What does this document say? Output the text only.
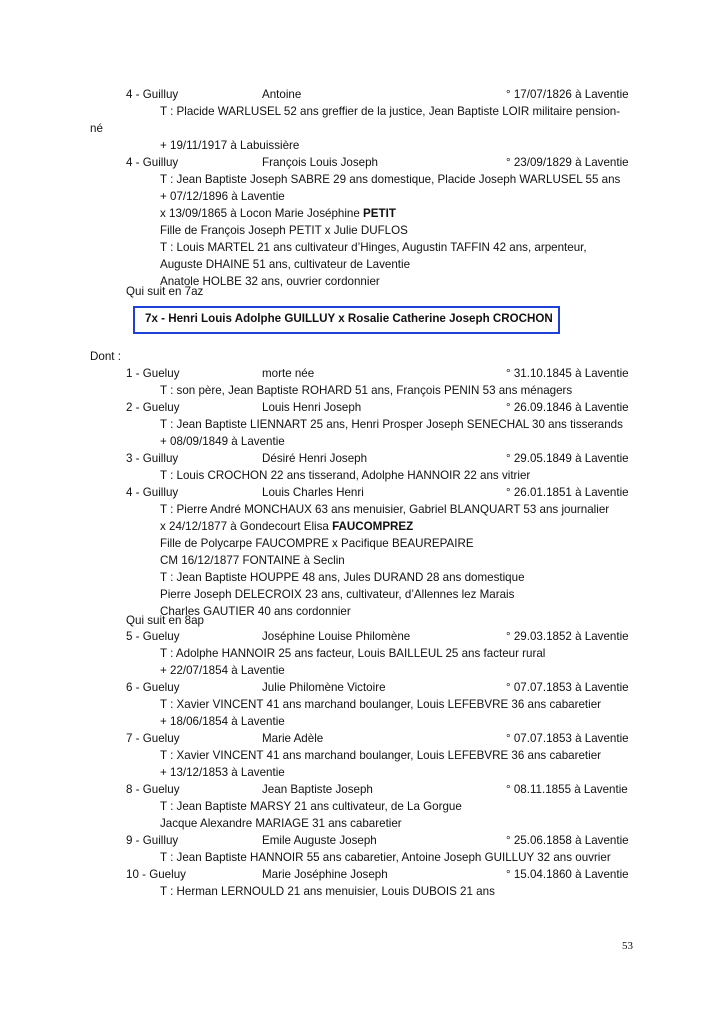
4 - Guilluy	Antoine	° 17/07/1826 à Laventie
T : Placide WARLUSEL 52 ans greffier de la justice, Jean Baptiste LOIR militaire pension-
né
+ 19/11/1917 à Labuissière
4 - Guilluy	François Louis Joseph	° 23/09/1829 à Laventie
T : Jean Baptiste Joseph SABRE 29 ans domestique, Placide Joseph WARLUSEL 55 ans
+ 07/12/1896 à Laventie
x 13/09/1865 à Locon Marie Joséphine PETIT
Fille de François Joseph PETIT x Julie DUFLOS
T : Louis MARTEL 21 ans cultivateur d’Hinges, Augustin TAFFIN 42 ans, arpenteur,
Auguste DHAINE 51 ans, cultivateur de Laventie
Anatole HOLBE 32 ans, ouvrier cordonnier
Qui suit en 7az
7x - Henri Louis Adolphe GUILLUY x Rosalie Catherine Joseph CROCHON
Dont :
1 - Gueluy	morte née	° 31.10.1845 à Laventie
T : son père, Jean Baptiste ROHARD 51 ans, François PENIN 53 ans ménagers
2 - Gueluy	Louis Henri Joseph	° 26.09.1846 à Laventie
T : Jean Baptiste LIENNART 25 ans, Henri Prosper Joseph SENECHAL 30 ans tisserands
+ 08/09/1849 à Laventie
3 - Guilluy	Désiré Henri Joseph	° 29.05.1849 à Laventie
T : Louis CROCHON 22 ans tisserand, Adolphe HANNOIR 22 ans vitrier
4 - Guilluy	Louis Charles Henri	° 26.01.1851 à Laventie
T : Pierre André MONCHAUX 63 ans menuisier, Gabriel BLANQUART 53 ans journalier
x 24/12/1877 à Gondecourt Elisa FAUCOMPREZ
Fille de Polycarpe FAUCOMPRE x Pacifique BEAUREPAIRE
CM 16/12/1877 FONTAINE à Seclin
T : Jean Baptiste HOUPPE 48 ans, Jules DURAND 28 ans domestique
Pierre Joseph DELECROIX 23 ans, cultivateur, d’Allennes lez Marais
Charles GAUTIER 40 ans cordonnier
Qui suit en 8ap
5 - Gueluy	Joséphine Louise Philomène	° 29.03.1852 à Laventie
T : Adolphe HANNOIR 25 ans facteur, Louis BAILLEUL 25 ans facteur rural
+ 22/07/1854 à Laventie
6 - Gueluy	Julie Philomène Victoire	° 07.07.1853 à Laventie
T : Xavier VINCENT 41 ans marchand boulanger, Louis LEFEBVRE 36 ans cabaretier
+ 18/06/1854 à Laventie
7 - Gueluy	Marie Adèle	° 07.07.1853 à Laventie
T : Xavier VINCENT 41 ans marchand boulanger, Louis LEFEBVRE 36 ans cabaretier
+ 13/12/1853 à Laventie
8 - Gueluy	Jean Baptiste Joseph	° 08.11.1855 à Laventie
T : Jean Baptiste MARSY 21 ans cultivateur, de La Gorgue
Jacque Alexandre MARIAGE 31 ans cabaretier
9 - Guilluy	Emile Auguste Joseph	° 25.06.1858 à Laventie
T : Jean Baptiste HANNOIR 55 ans cabaretier, Antoine Joseph GUILLUY 32 ans ouvrier
10 - Gueluy	Marie Joséphine Joseph	° 15.04.1860 à Laventie
T : Herman LERNOULD 21 ans menuisier, Louis DUBOIS 21 ans
53
